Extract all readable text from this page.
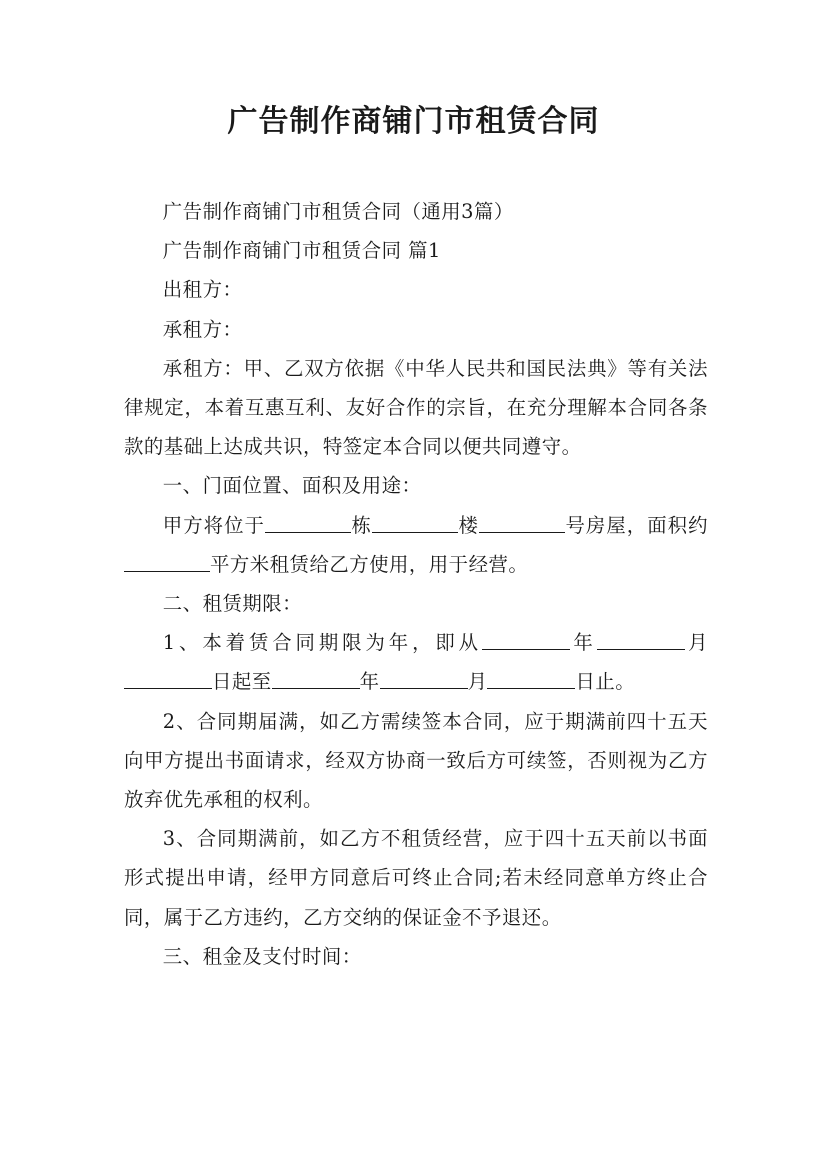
广告制作商铺门市租赁合同

广告制作商铺门市租赁合同（通用3篇）

广告制作商铺门市租赁合同 篇1

出租方：

承租方：

承租方：甲、乙双方依据《中华人民共和国民法典》等有关法律规定，本着互惠互利、友好合作的宗旨，在充分理解本合同各条款的基础上达成共识，特签定本合同以便共同遵守。

一、门面位置、面积及用途：

甲方将位于	栋	楼	号房屋，面积约平方米租赁给乙方使用，用于经营。

二、租赁期限：

1、本着赁合同期限为年，即从	年	月日起至	年	月	日止。

2、合同期届满，如乙方需续签本合同，应于期满前四十五天向甲方提出书面请求，经双方协商一致后方可续签，否则视为乙方放弃优先承租的权利。

3、合同期满前，如乙方不租赁经营，应于四十五天前以书面形式提出申请，经甲方同意后可终止合同;若未经同意单方终止合同，属于乙方违约，乙方交纳的保证金不予退还。

三、租金及支付时间：
